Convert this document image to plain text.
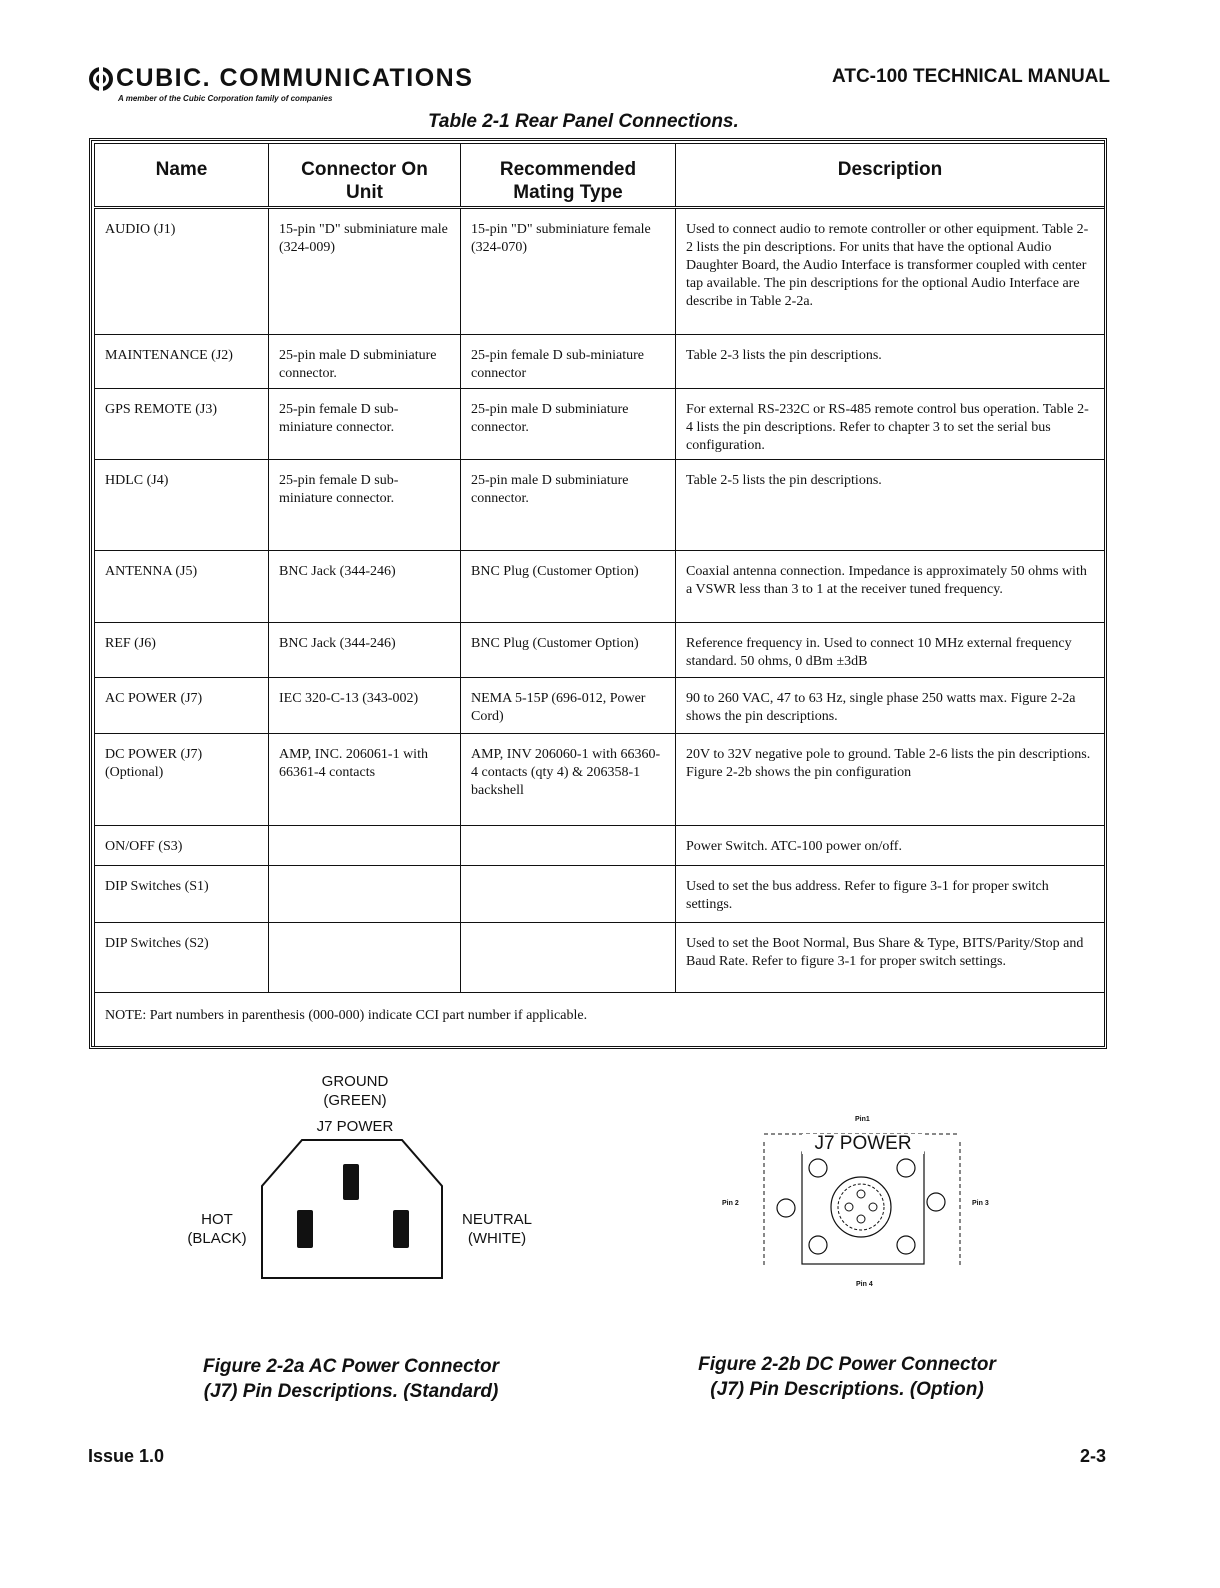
CUBIC. COMMUNICATIONS
A member of the Cubic Corporation family of companies
ATC-100 TECHNICAL MANUAL
Table 2-1 Rear Panel Connections.
Name	Connector On Unit	Recommended Mating Type	Description
AUDIO (J1)	15-pin "D" subminiature male (324-009)	15-pin "D" subminiature female (324-070)	Used to connect audio to remote controller or other equipment. Table 2-2 lists the pin descriptions. For units that have the optional Audio Daughter Board, the Audio Interface is transformer coupled with center tap available. The pin descriptions for the optional Audio Interface are describe in Table 2-2a.
MAINTENANCE (J2)	25-pin male D subminiature connector.	25-pin female D sub-miniature connector	Table 2-3 lists the pin descriptions.
GPS REMOTE (J3)	25-pin female D sub-miniature connector.	25-pin male D subminiature connector.	For external RS-232C or RS-485 remote control bus operation. Table 2-4 lists the pin descriptions. Refer to chapter 3 to set the serial bus configuration.
HDLC (J4)	25-pin female D sub-miniature connector.	25-pin male D subminiature connector.	Table 2-5 lists the pin descriptions.
ANTENNA (J5)	BNC Jack (344-246)	BNC Plug (Customer Option)	Coaxial antenna connection. Impedance is approximately 50 ohms with a VSWR less than 3 to 1 at the receiver tuned frequency.
REF (J6)	BNC Jack (344-246)	BNC Plug (Customer Option)	Reference frequency in. Used to connect 10 MHz external frequency standard. 50 ohms, 0 dBm ±3dB
AC POWER (J7)	IEC 320-C-13 (343-002)	NEMA 5-15P (696-012, Power Cord)	90 to 260 VAC, 47 to 63 Hz, single phase 250 watts max. Figure 2-2a shows the pin descriptions.
DC POWER (J7) (Optional)	AMP, INC. 206061-1 with 66361-4 contacts	AMP, INV 206060-1 with 66360-4 contacts (qty 4) & 206358-1 backshell	20V to 32V negative pole to ground. Table 2-6 lists the pin descriptions. Figure 2-2b shows the pin configuration
ON/OFF (S3)			Power Switch. ATC-100 power on/off.
DIP Switches (S1)			Used to set the bus address. Refer to figure 3-1 for proper switch settings.
DIP Switches (S2)			Used to set the Boot Normal, Bus Share & Type, BITS/Parity/Stop and Baud Rate. Refer to figure 3-1 for proper switch settings.
NOTE: Part numbers in parenthesis (000-000) indicate CCI part number if applicable.			
GROUND
(GREEN)
J7 POWER
HOT
(BLACK)
NEUTRAL
(WHITE)
Pin1
Pin 2	Pin 3
Pin 4
J7 POWER
Figure 2-2a AC Power Connector
(J7) Pin Descriptions. (Standard)
Figure 2-2b DC Power Connector
(J7) Pin Descriptions. (Option)
Issue 1.0	2-3
